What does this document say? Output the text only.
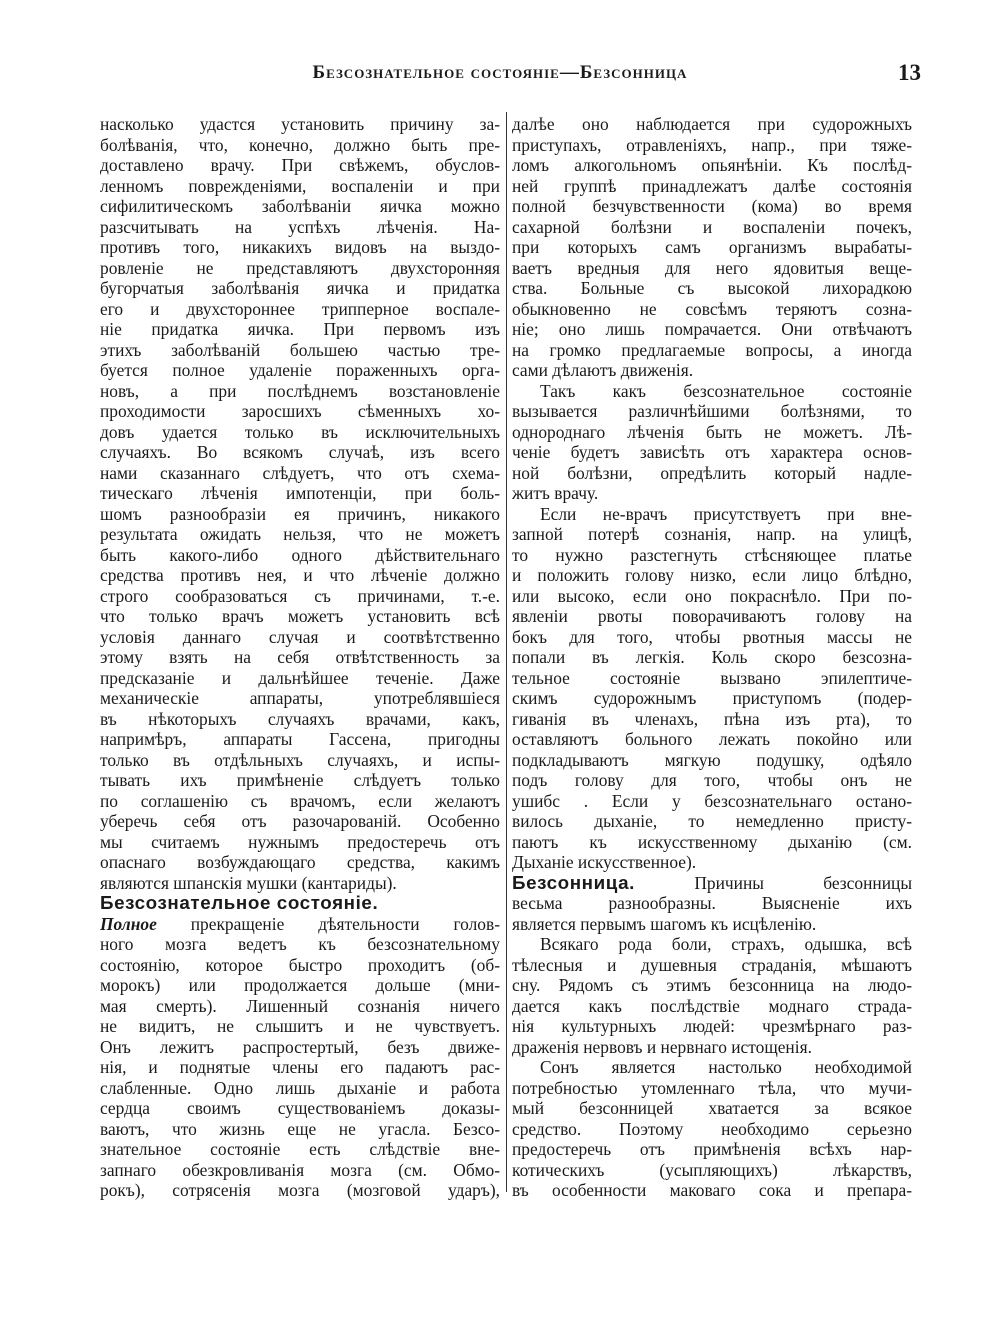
Безсознательное состояніе—Безсонница	13
насколько удастся установить причину за-
болѣванія, что, конечно, должно быть пре-
доставлено врачу. При свѣжемъ, обуслов-
ленномъ поврежденіями, воспаленіи и при
сифилитическомъ заболѣваніи яичка можно
разсчитывать на успѣхъ лѣченія. На-
противъ того, никакихъ видовъ на выздо-
ровленіе не представляютъ двухсторонняя
бугорчатыя заболѣванія яичка и придатка
его и двухстороннее трипперное воспале-
ніе придатка яичка. При первомъ изъ
этихъ заболѣваній большею частью тре-
буется полное удаленіе пораженныхъ орга-
новъ, а при послѣднемъ возстановленіе
проходимости заросшихъ сѣменныхъ хо-
довъ удается только въ исключительныхъ
случаяхъ. Во всякомъ случаѣ, изъ всего
нами сказаннаго слѣдуетъ, что отъ схема-
тическаго лѣченія импотенціи, при боль-
шомъ разнообразіи ея причинъ, никакого
результата ожидать нельзя, что не можетъ
быть какого-либо одного дѣйствительнаго
средства противъ нея, и что лѣченіе должно
строго сообразоваться съ причинами, т.-е.
что только врачъ можетъ установить всѣ
условія даннаго случая и соотвѣтственно
этому взять на себя отвѣтственность за
предсказаніе и дальнѣйшее теченіе. Даже
механическіе аппараты, употреблявшіеся
въ нѣкоторыхъ случаяхъ врачами, какъ,
напримѣръ, аппараты Гассена, пригодны
только въ отдѣльныхъ случаяхъ, и испы-
тывать ихъ примѣненіе слѣдуетъ только
по соглашенію съ врачомъ, если желаютъ
уберечь себя отъ разочарованій. Особенно
мы считаемъ нужнымъ предостеречь отъ
опаснаго возбуждающаго средства, какимъ
являются шпанскія мушки (кантариды).
Безсознательное состояніе.
Полное прекращеніе дѣятельности голов-
ного мозга ведетъ къ безсознательному
состоянію, которое быстро проходитъ (об-
морокъ) или продолжается дольше (мни-
мая смерть). Лишенный сознанія ничего
не видитъ, не слышитъ и не чувствуетъ.
Онъ лежитъ распростертый, безъ движе-
нія, и поднятые члены его падаютъ рас-
слабленные. Одно лишь дыханіе и работа
сердца своимъ существованіемъ доказы-
ваютъ, что жизнь еще не угасла. Безсо-
знательное состояніе есть слѣдствіе вне-
запнаго обезкровливанія мозга (см. Обмо-
рокъ), сотрясенія мозга (мозговой ударъ),
далѣе оно наблюдается при судорожныхъ
приступахъ, отравленіяхъ, напр., при тяже-
ломъ алкогольномъ опьянѣніи. Къ послѣд-
ней группѣ принадлежатъ далѣе состоянія
полной безчувственности (кома) во время
сахарной болѣзни и воспаленіи почекъ,
при которыхъ самъ организмъ вырабаты-
ваетъ вредныя для него ядовитыя веще-
ства. Больные съ высокой лихорадкою
обыкновенно не совсѣмъ теряютъ созна-
ніе; оно лишь помрачается. Они отвѣчаютъ
на громко предлагаемые вопросы, а иногда
сами дѣлаютъ движенія.
Такъ какъ безсознательное состояніе
вызывается различнѣйшими болѣзнями, то
однороднаго лѣченія быть не можетъ. Лѣ-
ченіе будетъ зависѣть отъ характера основ-
ной болѣзни, опредѣлить который надле-
житъ врачу.
Если не-врачъ присутствуетъ при вне-
запной потерѣ сознанія, напр. на улицѣ,
то нужно разстегнуть стѣсняющее платье
и положить голову низко, если лицо блѣдно,
или высоко, если оно покраснѣло. При по-
явленіи рвоты поворачиваютъ голову на
бокъ для того, чтобы рвотныя массы не
попали въ легкія. Коль скоро безсозна-
тельное состояніе вызвано эпилептиче-
скимъ судорожнымъ приступомъ (подер-
гиванія въ членахъ, пѣна изъ рта), то
оставляютъ больного лежать покойно или
подкладываютъ мягкую подушку, одѣяло
подъ голову для того, чтобы онъ не
ушибс . Если у безсознательнаго остано-
вилось дыханіе, то немедленно присту-
паютъ къ искусственному дыханію (см.
Дыханіе искусственное).
Безсонница. Причины безсонницы
весьма разнообразны. Выясненіе ихъ
является первымъ шагомъ къ исцѣленію.
Всякаго рода боли, страхъ, одышка, всѣ
тѣлесныя и душевныя страданія, мѣшаютъ
сну. Рядомъ съ этимъ безсонница на людо-
дается какъ послѣдствіе моднаго страда-
нія культурныхъ людей: чрезмѣрнаго раз-
драженія нервовъ и нервнаго истощенія.
Сонъ является настолько необходимой
потребностью утомленнаго тѣла, что мучи-
мый безсонницей хватается за всякое
средство. Поэтому необходимо серьезно
предостеречь отъ примѣненія всѣхъ нар-
котическихъ (усыпляющихъ) лѣкарствъ,
въ особенности маковаго сока и препара-
